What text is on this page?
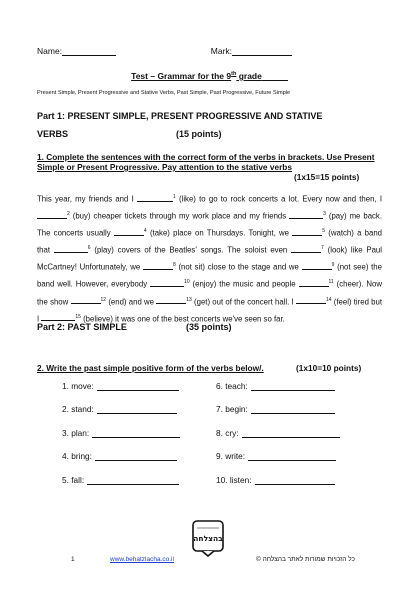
Name:	Mark:
Test – Grammar for the 9th grade
Present Simple, Present Progressive and Stative Verbs, Past Simple, Past Progressive, Future Simple
Part 1: PRESENT SIMPLE, PRESENT PROGRESSIVE AND STATIVE
VERBS	(15 points)
1. Complete the sentences with the correct form of the verbs in brackets. Use Present Simple or Present Progressive. Pay attention to the stative verbs
(1x15=15 points)

This year, my friends and I	$^1$ (like) to go to rock concerts a lot. Every now and then, I $^2$ (buy) cheaper tickets through my work place and my friends	$^3$ (pay) me back. The concerts usually	$^4$ (take) place on Thursdays. Tonight, we	$^5$ (watch) a band that	$^6$ (play) covers of the Beatles' songs. The soloist even	$^7$ (look) like Paul McCartney! Unfortunately, we	$^8$ (not sit) close to the stage and we	$^9$ (not see) the band well. However, everybody	$^{10}$ (enjoy) the music and people	$^{11}$ (cheer). Now the show	$^{12}$ (end) and we	$^{13}$ (get) out of the concert hall. I	$^{14}$ (feel) tired but I	$^{15}$ (believe) it was one of the best concerts we've seen so far.

Part 2: PAST SIMPLE	(35 points)
2. Write the past simple positive form of the verbs below/.	(1x10=10 points)
1. move:
2. stand:
3. plan:
4. bring:
5. fall:
6. teach:
7. begin:
8. cry:
9. write:
10. listen:
בהצלחה
1	www.behatzlacha.co.il	כל הזכויות שמורות לאתר בהצלחה ©
